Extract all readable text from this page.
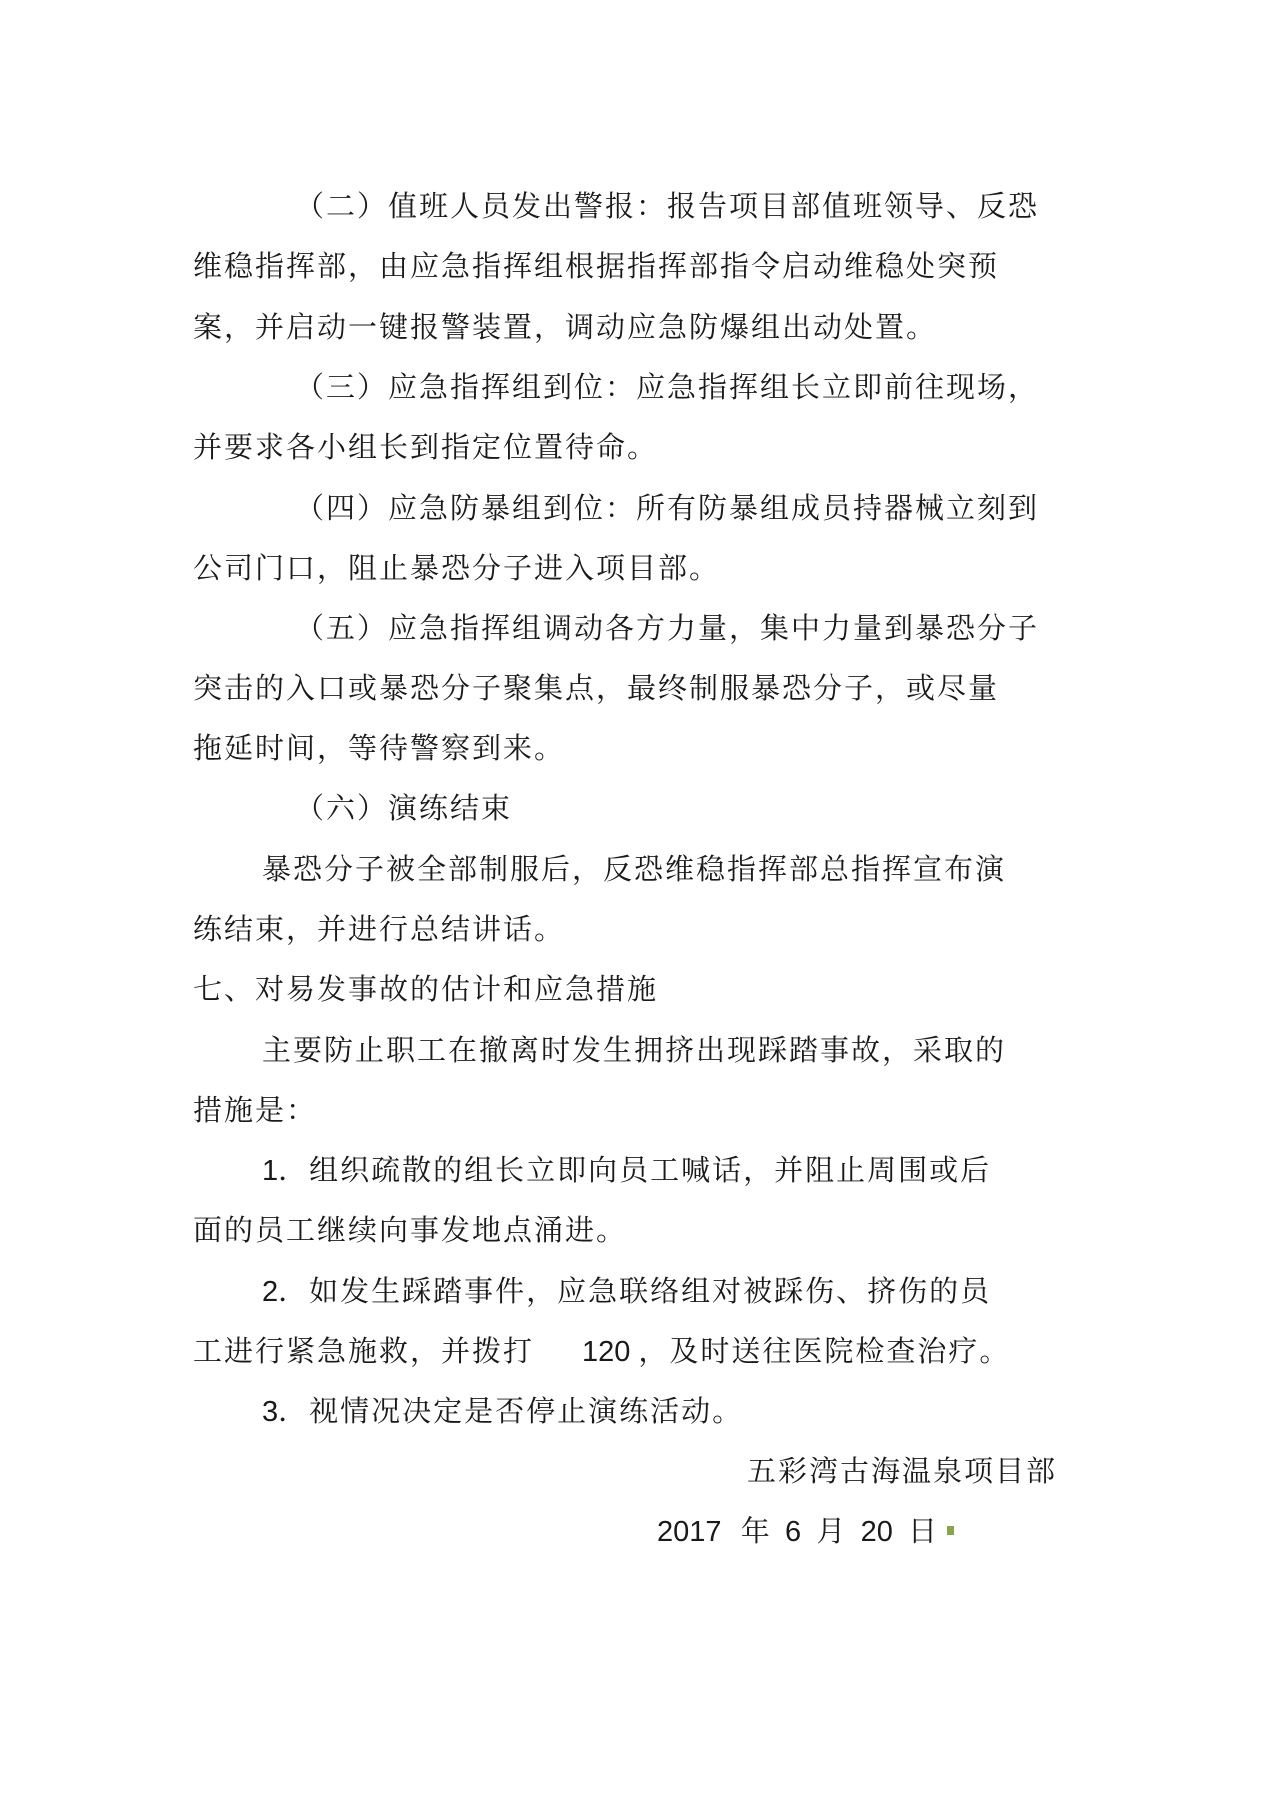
（二）值班人员发出警报：报告项目部值班领导、反恐
维稳指挥部，由应急指挥组根据指挥部指令启动维稳处突预
案，并启动一键报警装置，调动应急防爆组出动处置。
（三）应急指挥组到位：应急指挥组长立即前往现场，
并要求各小组长到指定位置待命。
（四）应急防暴组到位：所有防暴组成员持器械立刻到
公司门口，阻止暴恐分子进入项目部。
（五）应急指挥组调动各方力量，集中力量到暴恐分子
突击的入口或暴恐分子聚集点，最终制服暴恐分子，或尽量
拖延时间，等待警察到来。
（六）演练结束
暴恐分子被全部制服后，反恐维稳指挥部总指挥宣布演
练结束，并进行总结讲话。
七、对易发事故的估计和应急措施
主要防止职工在撤离时发生拥挤出现踩踏事故，采取的
措施是：
1．组织疏散的组长立即向员工喊话，并阻止周围或后
面的员工继续向事发地点涌进。
2．如发生踩踏事件，应急联络组对被踩伤、挤伤的员
工进行紧急施救，并拨打 120 ，及时送往医院检查治疗。
3．视情况决定是否停止演练活动。
五彩湾古海温泉项目部
2017 年 6 月 20 日
